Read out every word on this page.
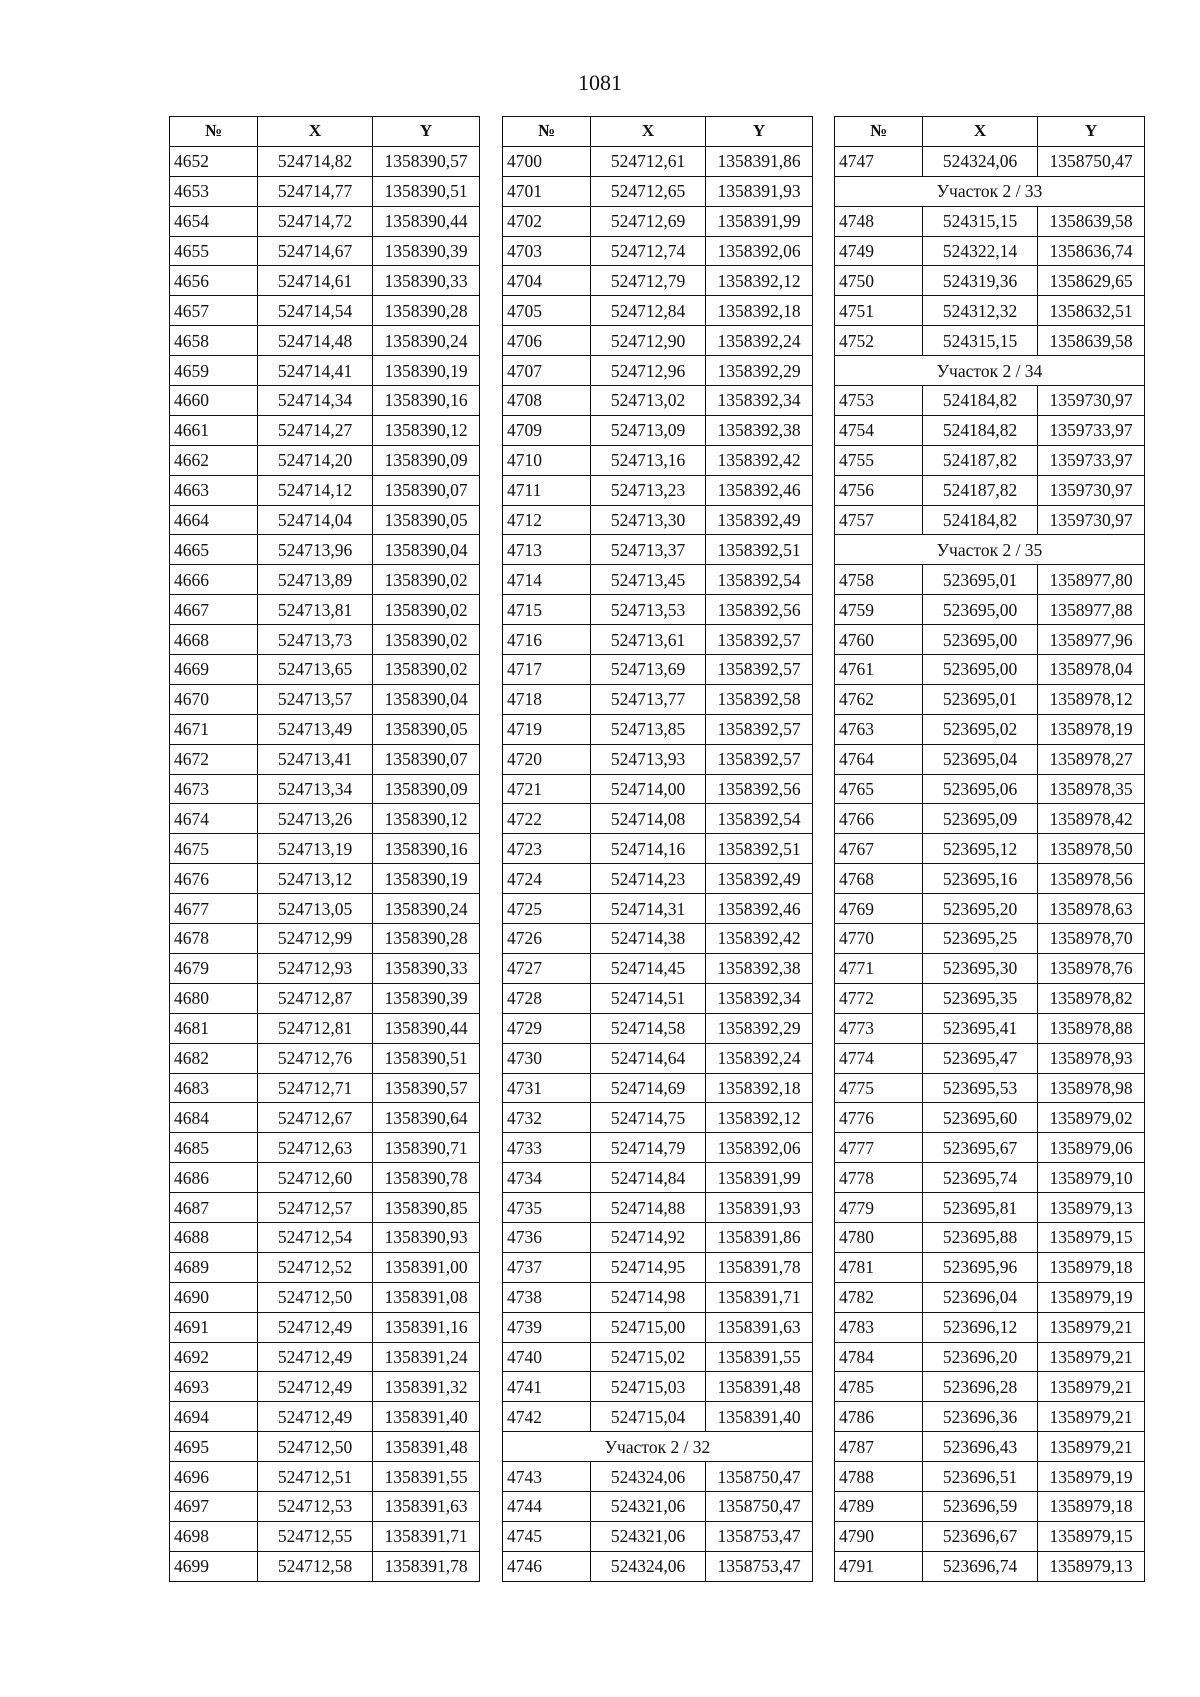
1081
№	X	Y
4652	524714,82	1358390,57
4653	524714,77	1358390,51
4654	524714,72	1358390,44
4655	524714,67	1358390,39
4656	524714,61	1358390,33
4657	524714,54	1358390,28
4658	524714,48	1358390,24
4659	524714,41	1358390,19
4660	524714,34	1358390,16
4661	524714,27	1358390,12
4662	524714,20	1358390,09
4663	524714,12	1358390,07
4664	524714,04	1358390,05
4665	524713,96	1358390,04
4666	524713,89	1358390,02
4667	524713,81	1358390,02
4668	524713,73	1358390,02
4669	524713,65	1358390,02
4670	524713,57	1358390,04
4671	524713,49	1358390,05
4672	524713,41	1358390,07
4673	524713,34	1358390,09
4674	524713,26	1358390,12
4675	524713,19	1358390,16
4676	524713,12	1358390,19
4677	524713,05	1358390,24
4678	524712,99	1358390,28
4679	524712,93	1358390,33
4680	524712,87	1358390,39
4681	524712,81	1358390,44
4682	524712,76	1358390,51
4683	524712,71	1358390,57
4684	524712,67	1358390,64
4685	524712,63	1358390,71
4686	524712,60	1358390,78
4687	524712,57	1358390,85
4688	524712,54	1358390,93
4689	524712,52	1358391,00
4690	524712,50	1358391,08
4691	524712,49	1358391,16
4692	524712,49	1358391,24
4693	524712,49	1358391,32
4694	524712,49	1358391,40
4695	524712,50	1358391,48
4696	524712,51	1358391,55
4697	524712,53	1358391,63
4698	524712,55	1358391,71
4699	524712,58	1358391,78
№	X	Y
4700	524712,61	1358391,86
4701	524712,65	1358391,93
4702	524712,69	1358391,99
4703	524712,74	1358392,06
4704	524712,79	1358392,12
4705	524712,84	1358392,18
4706	524712,90	1358392,24
4707	524712,96	1358392,29
4708	524713,02	1358392,34
4709	524713,09	1358392,38
4710	524713,16	1358392,42
4711	524713,23	1358392,46
4712	524713,30	1358392,49
4713	524713,37	1358392,51
4714	524713,45	1358392,54
4715	524713,53	1358392,56
4716	524713,61	1358392,57
4717	524713,69	1358392,57
4718	524713,77	1358392,58
4719	524713,85	1358392,57
4720	524713,93	1358392,57
4721	524714,00	1358392,56
4722	524714,08	1358392,54
4723	524714,16	1358392,51
4724	524714,23	1358392,49
4725	524714,31	1358392,46
4726	524714,38	1358392,42
4727	524714,45	1358392,38
4728	524714,51	1358392,34
4729	524714,58	1358392,29
4730	524714,64	1358392,24
4731	524714,69	1358392,18
4732	524714,75	1358392,12
4733	524714,79	1358392,06
4734	524714,84	1358391,99
4735	524714,88	1358391,93
4736	524714,92	1358391,86
4737	524714,95	1358391,78
4738	524714,98	1358391,71
4739	524715,00	1358391,63
4740	524715,02	1358391,55
4741	524715,03	1358391,48
4742	524715,04	1358391,40
Участок 2 / 32		
4743	524324,06	1358750,47
4744	524321,06	1358750,47
4745	524321,06	1358753,47
4746	524324,06	1358753,47
№	X	Y
4747	524324,06	1358750,47
Участок 2 / 33		
4748	524315,15	1358639,58
4749	524322,14	1358636,74
4750	524319,36	1358629,65
4751	524312,32	1358632,51
4752	524315,15	1358639,58
Участок 2 / 34		
4753	524184,82	1359730,97
4754	524184,82	1359733,97
4755	524187,82	1359733,97
4756	524187,82	1359730,97
4757	524184,82	1359730,97
Участок 2 / 35		
4758	523695,01	1358977,80
4759	523695,00	1358977,88
4760	523695,00	1358977,96
4761	523695,00	1358978,04
4762	523695,01	1358978,12
4763	523695,02	1358978,19
4764	523695,04	1358978,27
4765	523695,06	1358978,35
4766	523695,09	1358978,42
4767	523695,12	1358978,50
4768	523695,16	1358978,56
4769	523695,20	1358978,63
4770	523695,25	1358978,70
4771	523695,30	1358978,76
4772	523695,35	1358978,82
4773	523695,41	1358978,88
4774	523695,47	1358978,93
4775	523695,53	1358978,98
4776	523695,60	1358979,02
4777	523695,67	1358979,06
4778	523695,74	1358979,10
4779	523695,81	1358979,13
4780	523695,88	1358979,15
4781	523695,96	1358979,18
4782	523696,04	1358979,19
4783	523696,12	1358979,21
4784	523696,20	1358979,21
4785	523696,28	1358979,21
4786	523696,36	1358979,21
4787	523696,43	1358979,21
4788	523696,51	1358979,19
4789	523696,59	1358979,18
4790	523696,67	1358979,15
4791	523696,74	1358979,13
